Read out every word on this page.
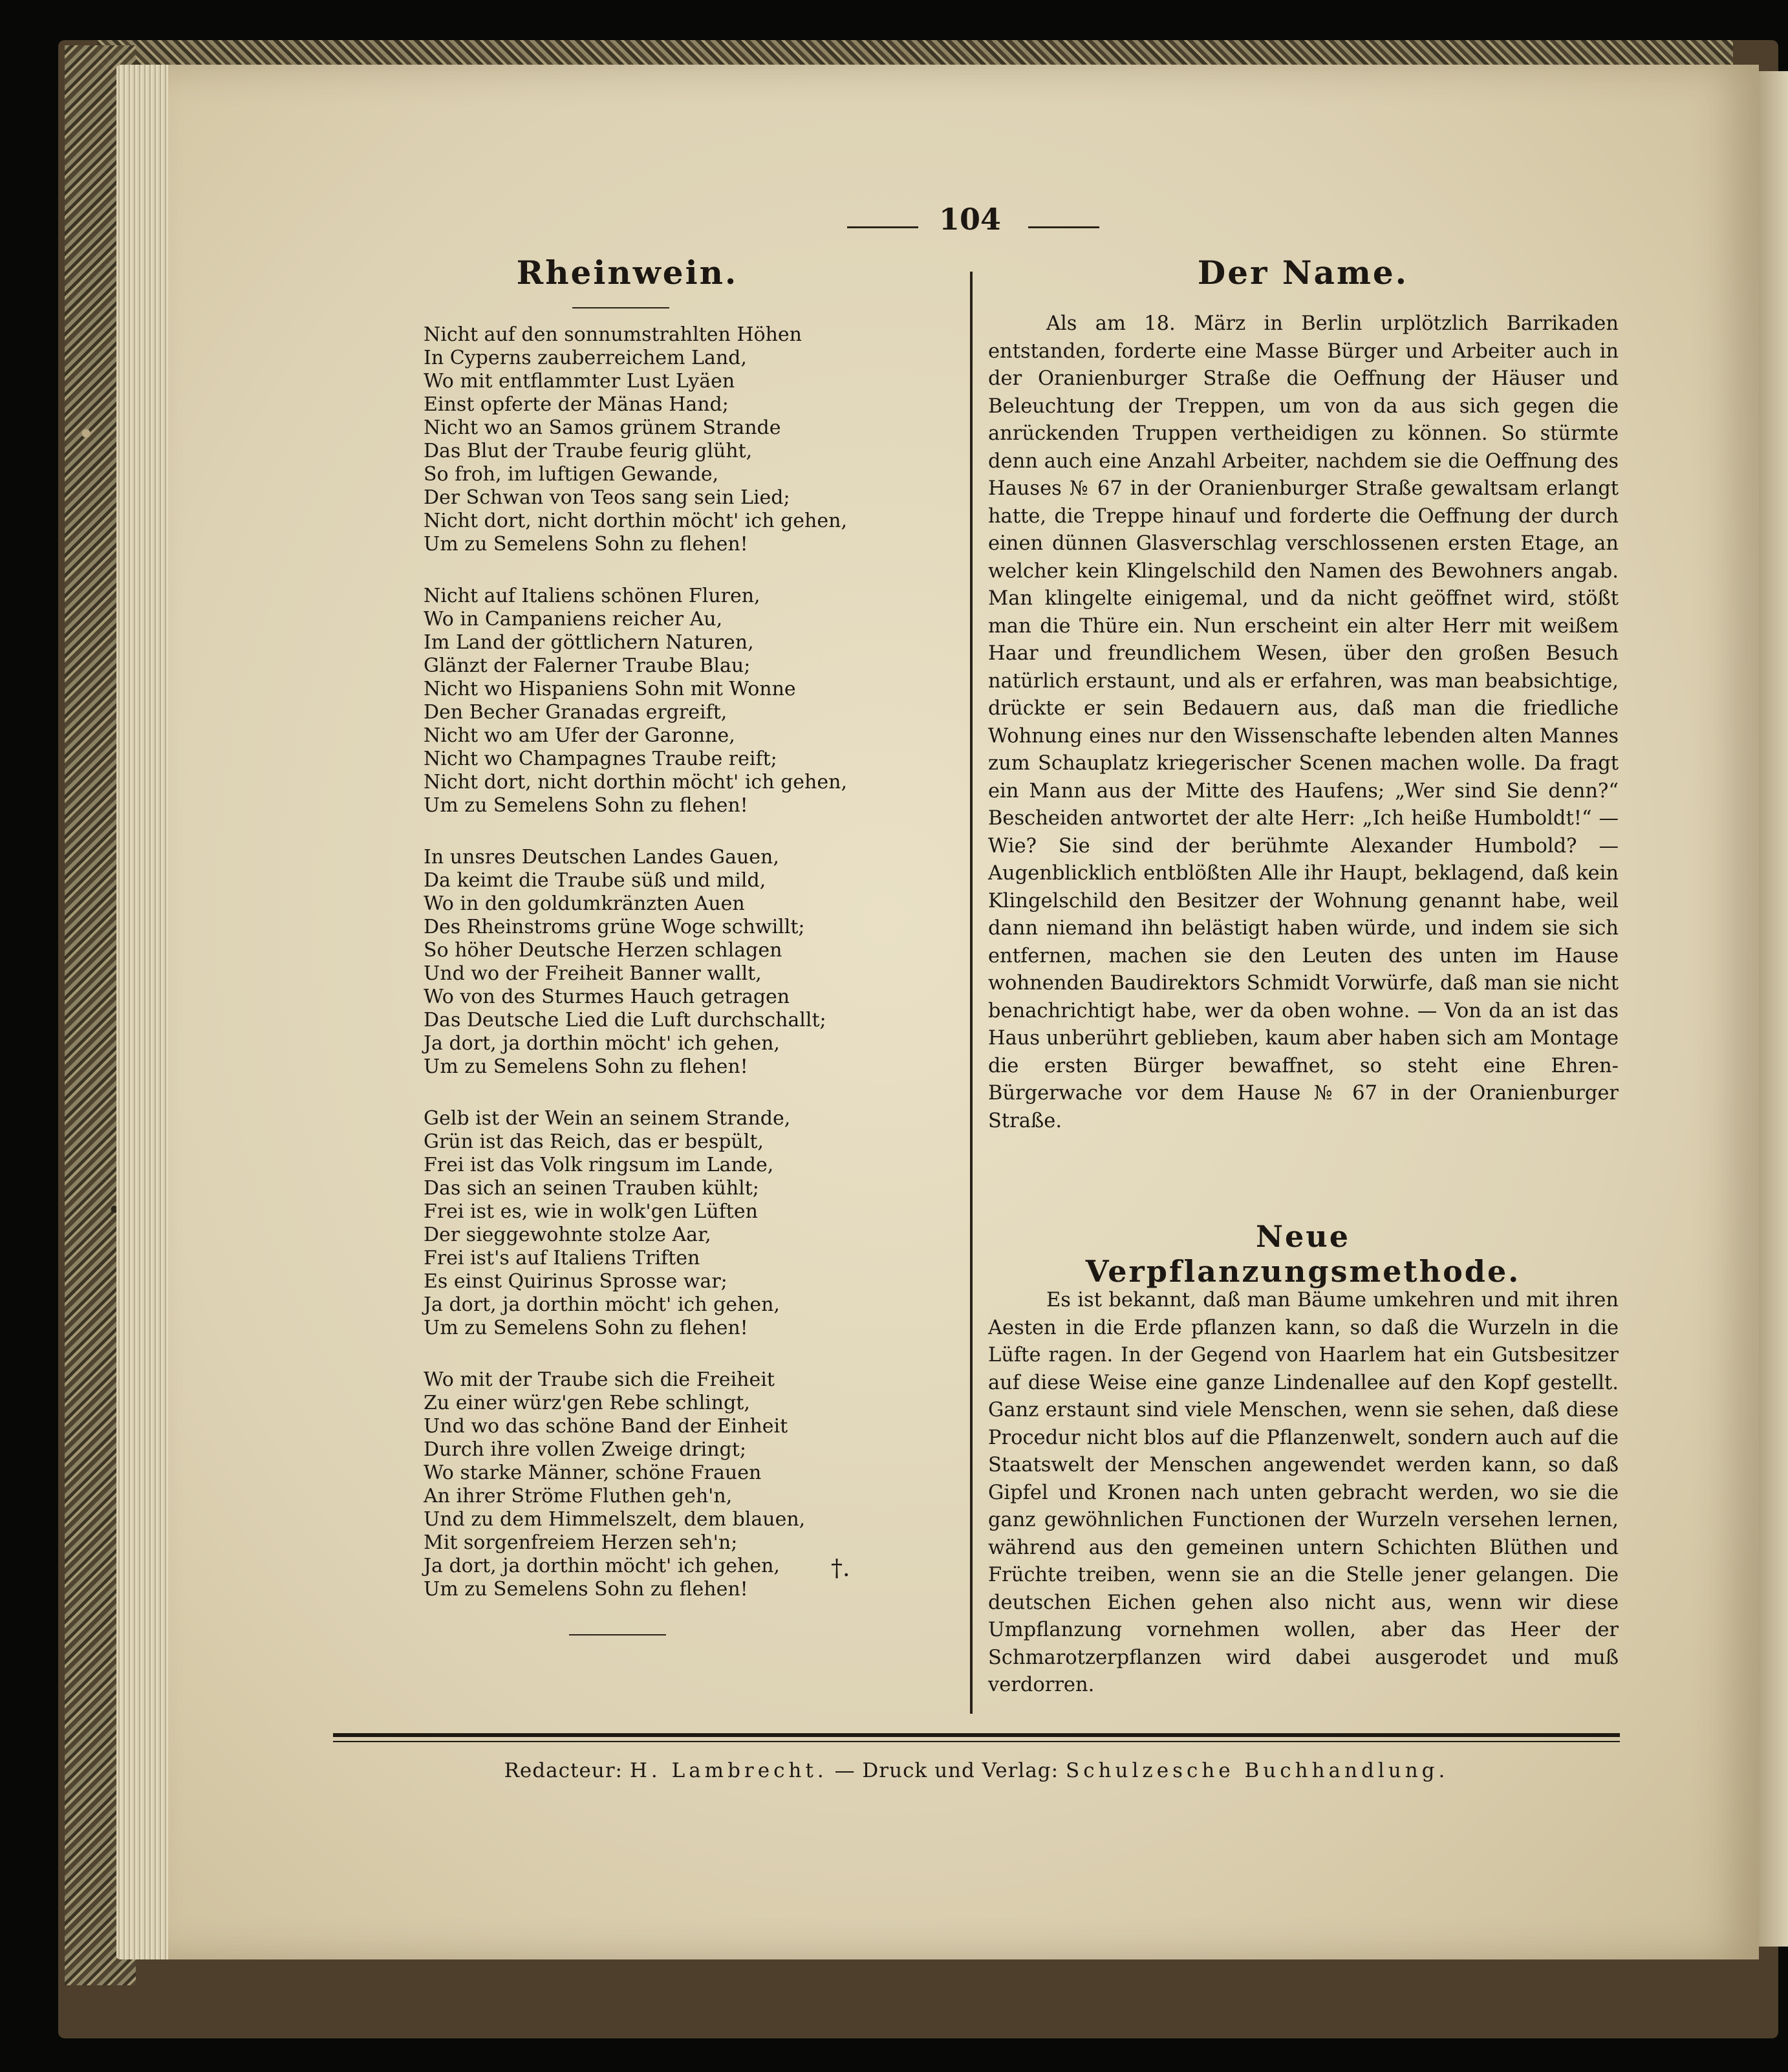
104
Rheinwein.
Nicht auf den sonnumstrahlten Höhen
In Cyperns zauberreichem Land,
Wo mit entflammter Lust Lyäen
Einst opferte der Mänas Hand;
Nicht wo an Samos grünem Strande
Das Blut der Traube feurig glüht,
So froh, im luftigen Gewande,
Der Schwan von Teos sang sein Lied;
Nicht dort, nicht dorthin möcht' ich gehen,
Um zu Semelens Sohn zu flehen!
Nicht auf Italiens schönen Fluren,
Wo in Campaniens reicher Au,
Im Land der göttlichern Naturen,
Glänzt der Falerner Traube Blau;
Nicht wo Hispaniens Sohn mit Wonne
Den Becher Granadas ergreift,
Nicht wo am Ufer der Garonne,
Nicht wo Champagnes Traube reift;
Nicht dort, nicht dorthin möcht' ich gehen,
Um zu Semelens Sohn zu flehen!
In unsres Deutschen Landes Gauen,
Da keimt die Traube süß und mild,
Wo in den goldumkränzten Auen
Des Rheinstroms grüne Woge schwillt;
So höher Deutsche Herzen schlagen
Und wo der Freiheit Banner wallt,
Wo von des Sturmes Hauch getragen
Das Deutsche Lied die Luft durchschallt;
Ja dort, ja dorthin möcht' ich gehen,
Um zu Semelens Sohn zu flehen!
Gelb ist der Wein an seinem Strande,
Grün ist das Reich, das er bespült,
Frei ist das Volk ringsum im Lande,
Das sich an seinen Trauben kühlt;
Frei ist es, wie in wolk'gen Lüften
Der sieggewohnte stolze Aar,
Frei ist's auf Italiens Triften
Es einst Quirinus Sprosse war;
Ja dort, ja dorthin möcht' ich gehen,
Um zu Semelens Sohn zu flehen!
Wo mit der Traube sich die Freiheit
Zu einer würz'gen Rebe schlingt,
Und wo das schöne Band der Einheit
Durch ihre vollen Zweige dringt;
Wo starke Männer, schöne Frauen
An ihrer Ströme Fluthen geh'n,
Und zu dem Himmelszelt, dem blauen,
Mit sorgenfreiem Herzen seh'n;
Ja dort, ja dorthin möcht' ich gehen,
Um zu Semelens Sohn zu flehen!
†.
Der Name.

Als am 18. März in Berlin urplötzlich Barrikaden entstanden, forderte eine Masse Bürger und Arbeiter auch in der Oranienburger Straße die Oeffnung der Häuser und Beleuchtung der Treppen, um von da aus sich gegen die anrückenden Truppen vertheidigen zu können. So stürmte denn auch eine Anzahl Arbeiter, nachdem sie die Oeffnung des Hauses № 67 in der Oranienburger Straße gewaltsam erlangt hatte, die Treppe hinauf und forderte die Oeffnung der durch einen dünnen Glasverschlag verschlossenen ersten Etage, an welcher kein Klingelschild den Namen des Bewohners angab. Man klingelte einigemal, und da nicht geöffnet wird, stößt man die Thüre ein. Nun erscheint ein alter Herr mit weißem Haar und freundlichem Wesen, über den großen Besuch natürlich erstaunt, und als er erfahren, was man beabsichtige, drückte er sein Bedauern aus, daß man die friedliche Wohnung eines nur den Wissenschafte lebenden alten Mannes zum Schauplatz kriegerischer Scenen machen wolle. Da fragt ein Mann aus der Mitte des Haufens; „Wer sind Sie denn?“ Bescheiden antwortet der alte Herr: „Ich heiße Humboldt!“ — Wie? Sie sind der berühmte Alexander Humbold? — Augenblicklich entblößten Alle ihr Haupt, beklagend, daß kein Klingelschild den Besitzer der Wohnung genannt habe, weil dann niemand ihn belästigt haben würde, und indem sie sich entfernen, machen sie den Leuten des unten im Hause wohnenden Baudirektors Schmidt Vorwürfe, daß man sie nicht benachrichtigt habe, wer da oben wohne. — Von da an ist das Haus unberührt geblieben, kaum aber haben sich am Montage die ersten Bürger bewaffnet, so steht eine Ehren-Bürgerwache vor dem Hause № 67 in der Oranienburger Straße.

Neue Verpflanzungsmethode.

Es ist bekannt, daß man Bäume umkehren und mit ihren Aesten in die Erde pflanzen kann, so daß die Wurzeln in die Lüfte ragen. In der Gegend von Haarlem hat ein Gutsbesitzer auf diese Weise eine ganze Lindenallee auf den Kopf gestellt. Ganz erstaunt sind viele Menschen, wenn sie sehen, daß diese Procedur nicht blos auf die Pflanzenwelt, sondern auch auf die Staatswelt der Menschen angewendet werden kann, so daß Gipfel und Kronen nach unten gebracht werden, wo sie die ganz gewöhnlichen Functionen der Wurzeln versehen lernen, während aus den gemeinen untern Schichten Blüthen und Früchte treiben, wenn sie an die Stelle jener gelangen. Die deutschen Eichen gehen also nicht aus, wenn wir diese Umpflanzung vornehmen wollen, aber das Heer der Schmarotzerpflanzen wird dabei ausgerodet und muß verdorren.

Redacteur: H. Lambrecht. — Druck und Verlag: Schulzesche Buchhandlung.
